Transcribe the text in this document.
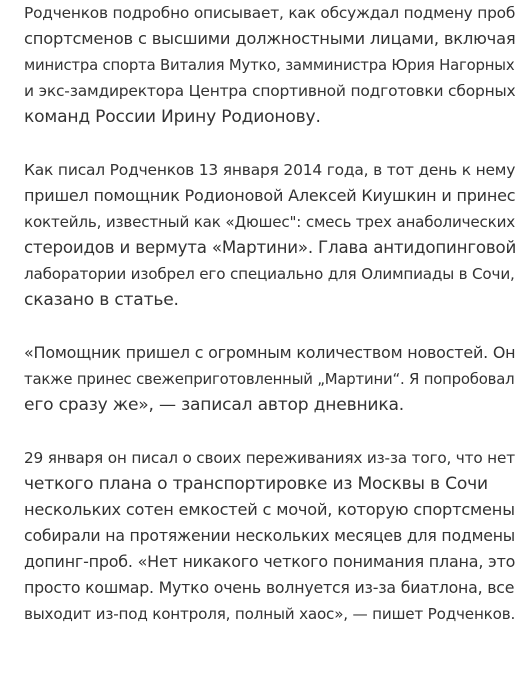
Родченков подробно описывает, как обсуждал подмену проб
спортсменов с высшими должностными лицами, включая
министра спорта Виталия Мутко, замминистра Юрия Нагорных
и экс-замдиректора Центра спортивной подготовки сборных
команд России Ирину Родионову.

Как писал Родченков 13 января 2014 года, в тот день к нему
пришел помощник Родионовой Алексей Киушкин и принес
коктейль, известный как «Дюшес": смесь трех анаболических
стероидов и вермута «Мартини». Глава антидопинговой
лаборатории изобрел его специально для Олимпиады в Сочи,
сказано в статье.

«Помощник пришел с огромным количеством новостей. Он
также принес свежеприготовленный „Мартини“. Я попробовал
его сразу же», — записал автор дневника.

29 января он писал о своих переживаниях из-за того, что нет
четкого плана о транспортировке из Москвы в Сочи
нескольких сотен емкостей с мочой, которую спортсмены
собирали на протяжении нескольких месяцев для подмены
допинг-проб. «Нет никакого четкого понимания плана, это
просто кошмар. Мутко очень волнуется из-за биатлона, все
выходит из-под контроля, полный хаос», — пишет Родченков.
